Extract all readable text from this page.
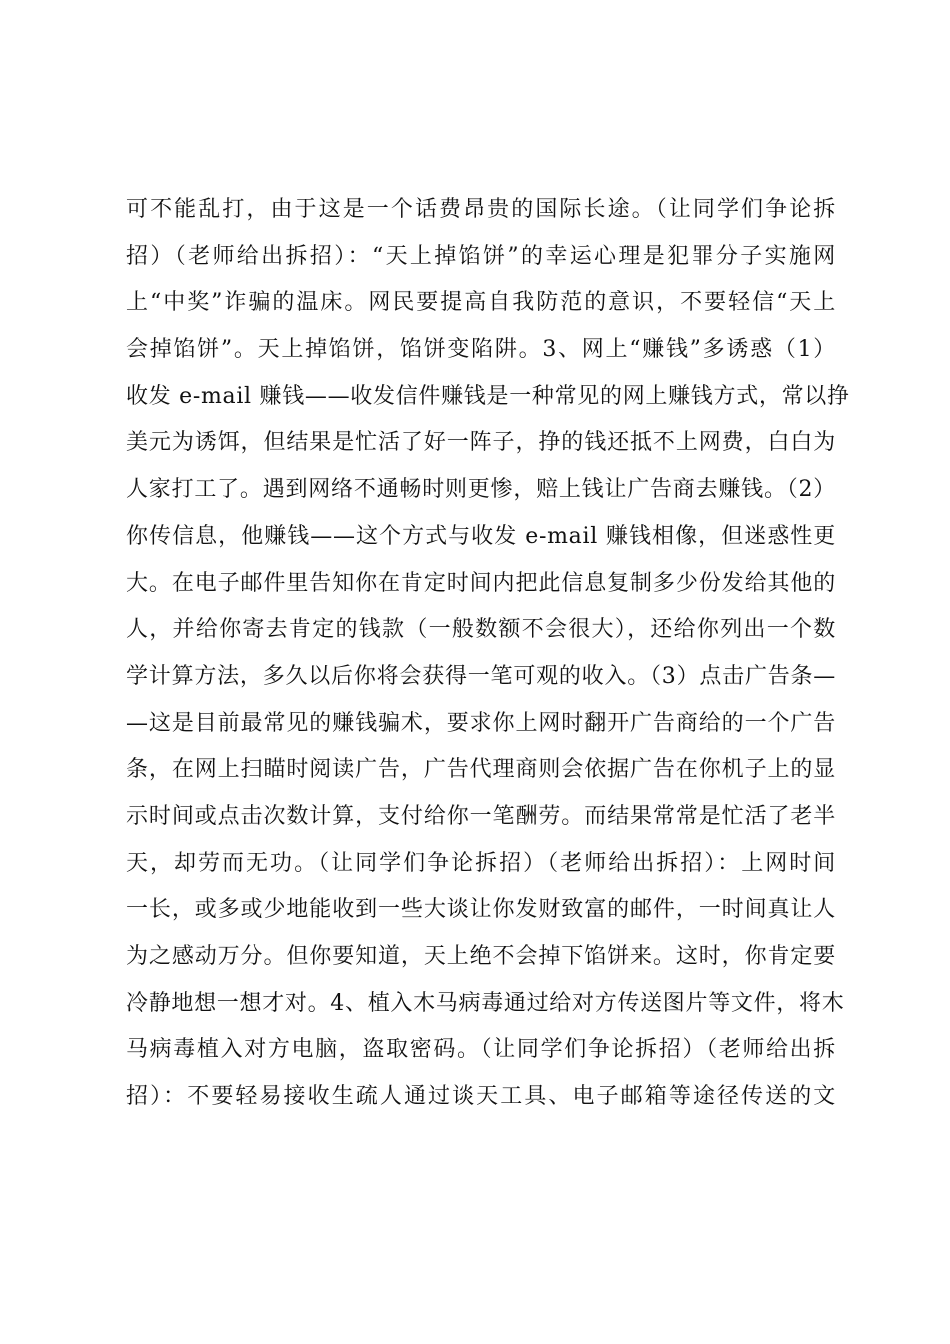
可不能乱打，由于这是一个话费昂贵的国际长途。（让同学们争论拆
招）（老师给出拆招）：“天上掉馅饼”的幸运心理是犯罪分子实施网
上“中奖”诈骗的温床。网民要提高自我防范的意识，不要轻信“天上
会掉馅饼”。天上掉馅饼，馅饼变陷阱。3、网上“赚钱”多诱惑（1）
收发 e-mail 赚钱——收发信件赚钱是一种常见的网上赚钱方式，常以挣
美元为诱饵，但结果是忙活了好一阵子，挣的钱还抵不上网费，白白为
人家打工了。遇到网络不通畅时则更惨，赔上钱让广告商去赚钱。（2）
你传信息，他赚钱——这个方式与收发 e-mail 赚钱相像，但迷惑性更
大。在电子邮件里告知你在肯定时间内把此信息复制多少份发给其他的
人，并给你寄去肯定的钱款（一般数额不会很大），还给你列出一个数
学计算方法，多久以后你将会获得一笔可观的收入。（3）点击广告条—
—这是目前最常见的赚钱骗术，要求你上网时翻开广告商给的一个广告
条，在网上扫瞄时阅读广告，广告代理商则会依据广告在你机子上的显
示时间或点击次数计算，支付给你一笔酬劳。而结果常常是忙活了老半
天，却劳而无功。（让同学们争论拆招）（老师给出拆招）：上网时间
一长，或多或少地能收到一些大谈让你发财致富的邮件，一时间真让人
为之感动万分。但你要知道，天上绝不会掉下馅饼来。这时，你肯定要
冷静地想一想才对。4、植入木马病毒通过给对方传送图片等文件，将木
马病毒植入对方电脑，盗取密码。（让同学们争论拆招）（老师给出拆
招）：不要轻易接收生疏人通过谈天工具、电子邮箱等途径传送的文
